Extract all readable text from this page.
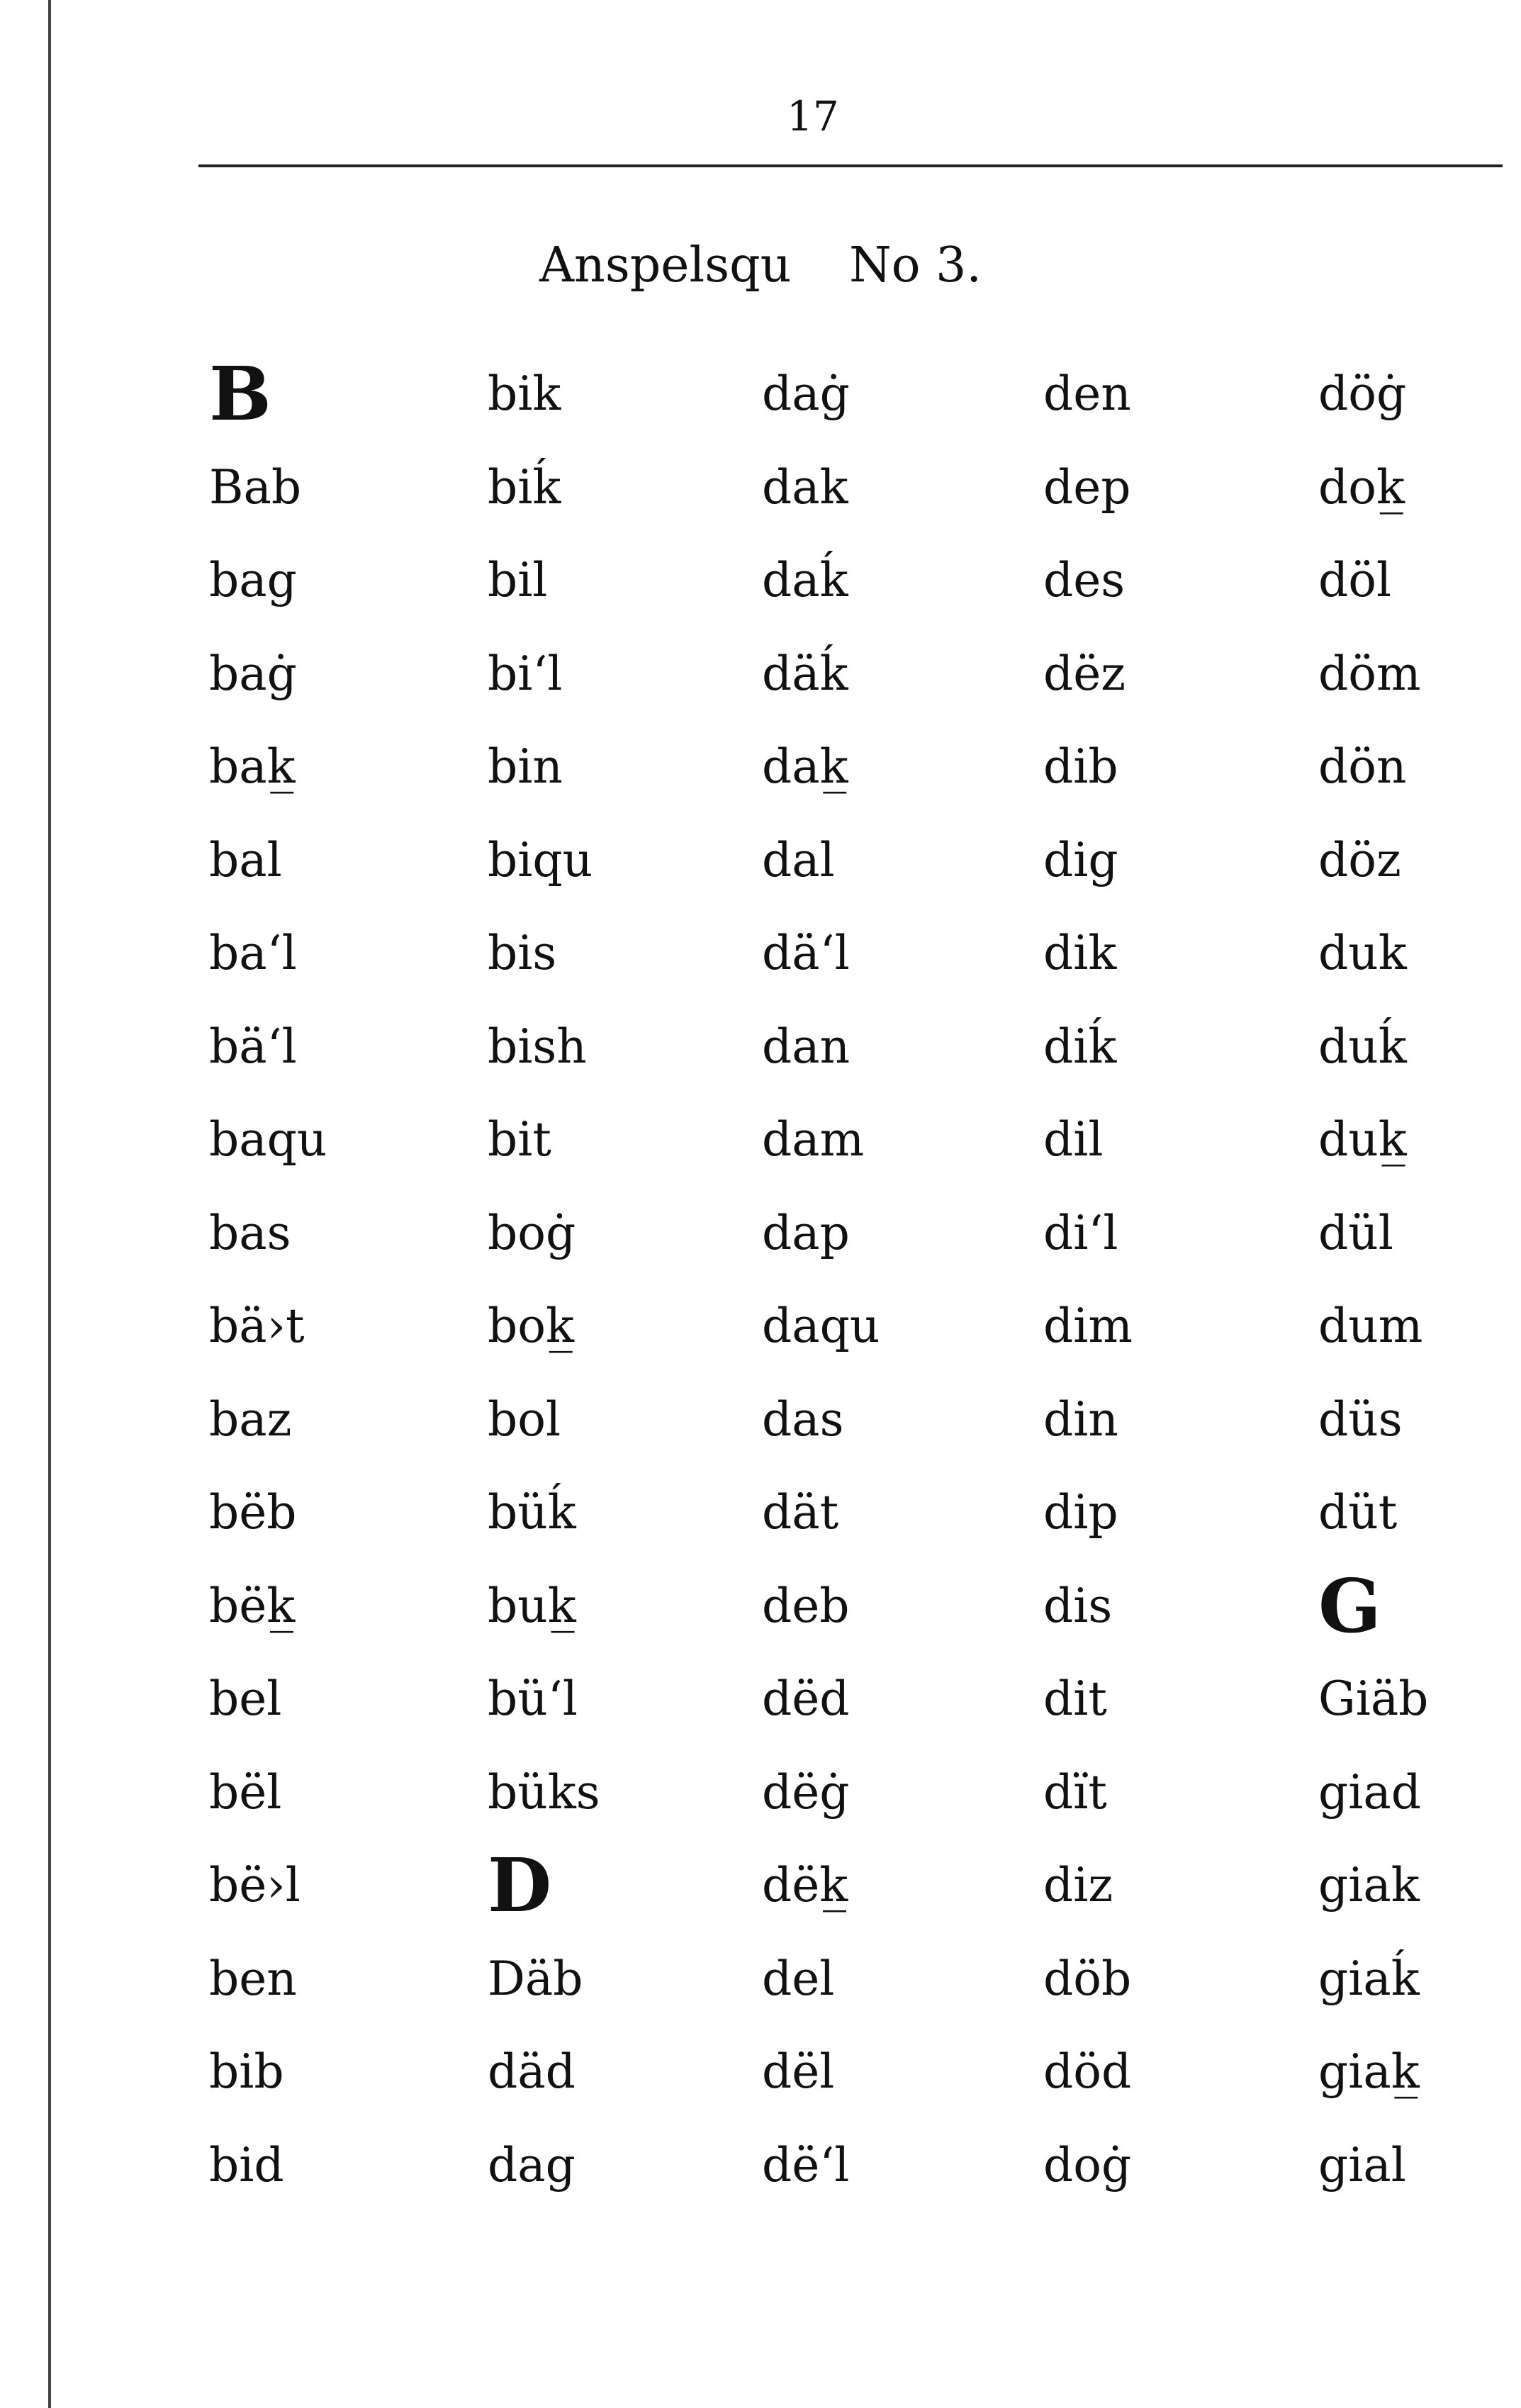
17
Anspelsqu No 3.
B
Bab
bag
baġ
bak̲
bal
ba‘l
bä‘l
baqu
bas
bä›t
baz
bëb
bëk̲
bel
bël
bë›l
ben
bib
bid
bik
biḱ
bil
bi‘l
bin
biqu
bis
bish
bit
boġ
bok̲
bol
büḱ
buk̲
bü‘l
büks
D
Däb
däd
dag
daġ
dak
daḱ
däḱ
dak̲
dal
dä‘l
dan
dam
dap
daqu
das
dät
deb
dëd
dëġ
dëk̲
del
dël
dë‘l
den
dep
des
dëz
dib
dig
dik
diḱ
dil
di‘l
dim
din
dip
dis
dit
dït
diz
döb
död
doġ
döġ
dok̲
döl
döm
dön
döz
duk
duḱ
duk̲
dül
dum
düs
düt
G
Giäb
giad
giak
giaḱ
giak̲
gial
